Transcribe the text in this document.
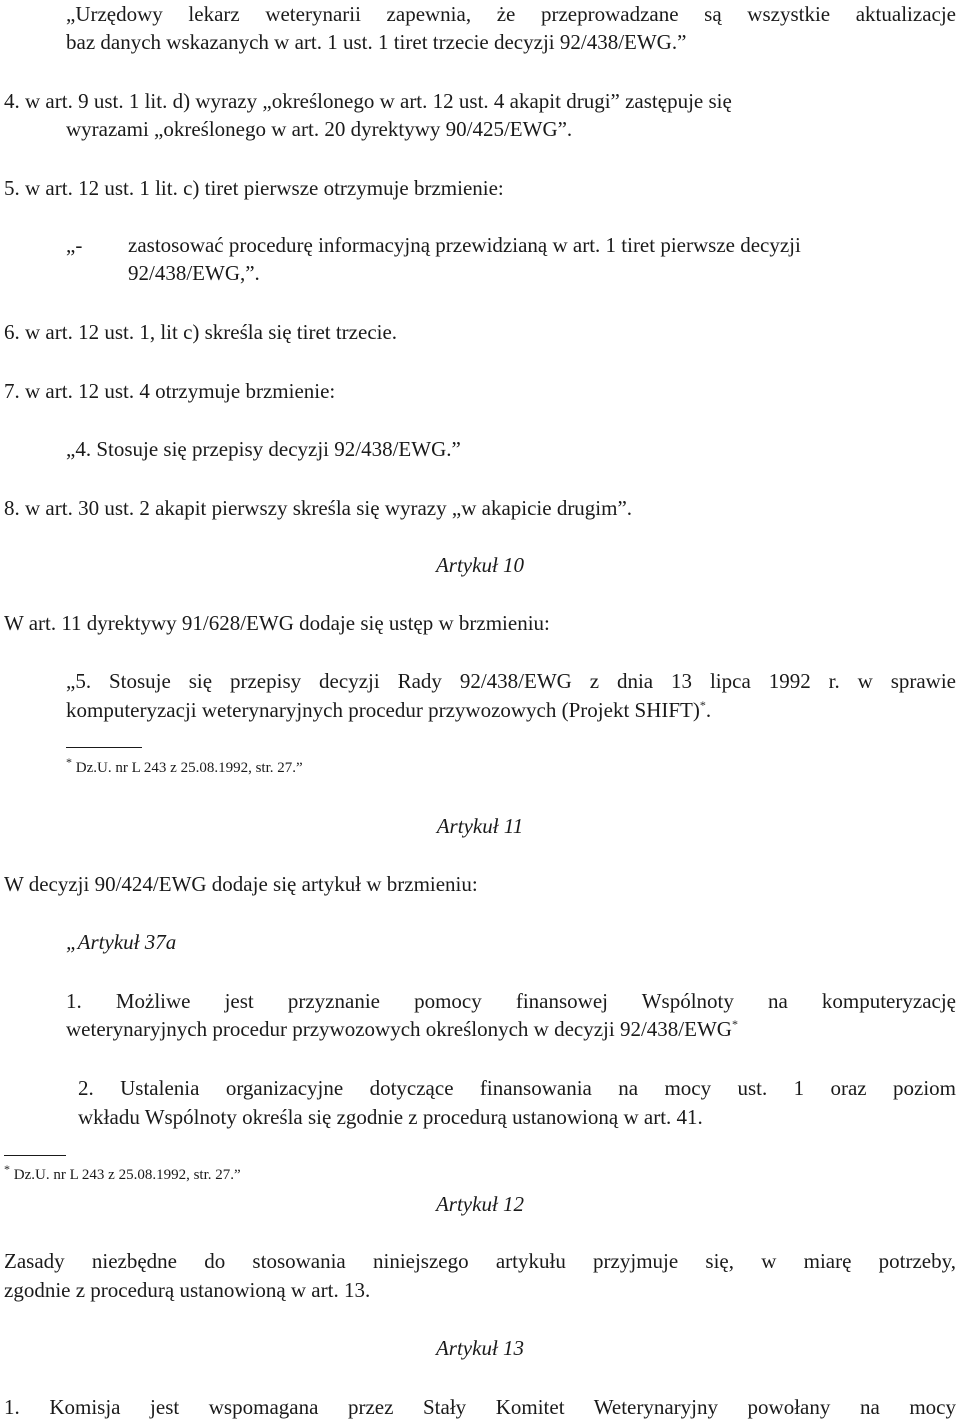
„Urzędowy lekarz weterynarii zapewnia, że przeprowadzane są wszystkie aktualizacje

baz danych wskazanych w art. 1 ust. 1 tiret trzecie decyzji 92/438/EWG.”

4. w art. 9 ust. 1 lit. d) wyrazy „określonego w art. 12 ust. 4 akapit drugi” zastępuje się

wyrazami „określonego w art. 20 dyrektywy 90/425/EWG”.

5. w art. 12 ust. 1 lit. c) tiret pierwsze otrzymuje brzmienie:

„- zastosować procedurę informacyjną przewidzianą w art. 1 tiret pierwsze decyzji

92/438/EWG,”.

6. w art. 12 ust. 1, lit c) skreśla się tiret trzecie.

7. w art. 12 ust. 4 otrzymuje brzmienie:

„4. Stosuje się przepisy decyzji 92/438/EWG.”

8. w art. 30 ust. 2 akapit pierwszy skreśla się wyrazy „w akapicie drugim”.

Artykuł 10

W art. 11 dyrektywy 91/628/EWG dodaje się ustęp w brzmieniu:

„5. Stosuje się przepisy decyzji Rady 92/438/EWG z dnia 13 lipca 1992 r. w sprawie

komputeryzacji weterynaryjnych procedur przywozowych (Projekt SHIFT)*.

* Dz.U. nr L 243 z 25.08.1992, str. 27.”

Artykuł 11

W decyzji 90/424/EWG dodaje się artykuł w brzmieniu:

„Artykuł 37a

1. Możliwe jest przyznanie pomocy finansowej Wspólnoty na komputeryzację

weterynaryjnych procedur przywozowych określonych w decyzji 92/438/EWG*

2. Ustalenia organizacyjne dotyczące finansowania na mocy ust. 1 oraz poziom

wkładu Wspólnoty określa się zgodnie z procedurą ustanowioną w art. 41.

* Dz.U. nr L 243 z 25.08.1992, str. 27.”

Artykuł 12

Zasady niezbędne do stosowania niniejszego artykułu przyjmuje się, w miarę potrzeby,

zgodnie z procedurą ustanowioną w art. 13.

Artykuł 13

1. Komisja jest wspomagana przez Stały Komitet Weterynaryjny powołany na mocy
